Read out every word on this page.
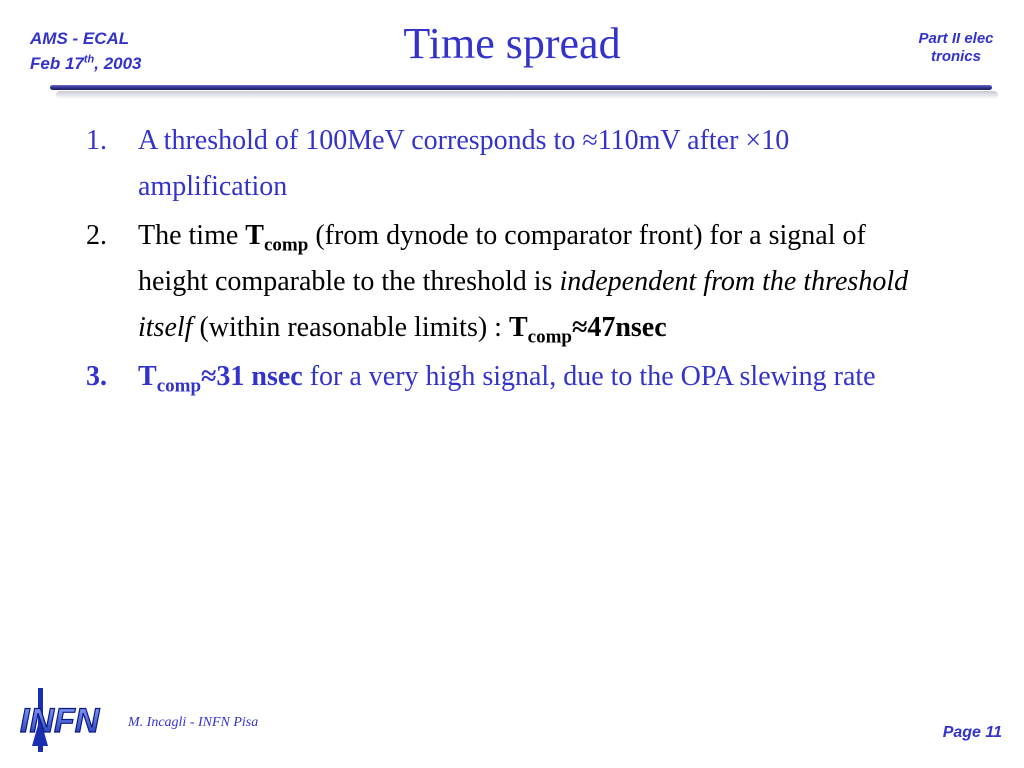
AMS - ECAL
Feb 17th, 2003	Time spread	Part II electronics
1.	A threshold of 100MeV corresponds to ≈110mV after ×10 amplification
2.	The time $T_{comp}$ (from dynode to comparator front) for a signal of height comparable to the threshold is independent from the threshold itself (within reasonable limits) : $T_{comp}\approx 47nsec$
3.	$T_{comp}\approx 31$ nsec for a very high signal, due to the OPA slewing rate
INFN M. Incagli - INFN Pisa
Page 11
